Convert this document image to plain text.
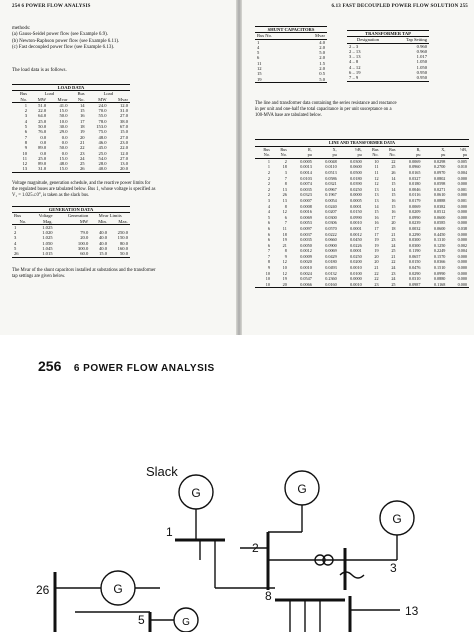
254 6 POWER FLOW ANALYSIS
methods:
(a) Gauss-Seidel power flow (see Example 6.9).
(b) Newton-Raphson power flow (see Example 6.11).
(c) Fast decoupled power flow (see Example 6.13).
The load data is as follows.
LOAD DATA					
Bus	Load		Bus	Load	
No.	MW	Mvar	No.	MW	Mvar
1	51.0	41.0	14	24.0	12.0
2	22.0	15.0	15	70.0	31.0
3	64.0	50.0	16	55.0	27.0
4	25.0	10.0	17	78.0	38.0
5	50.0	30.0	18	153.0	67.0
6	76.0	29.0	19	75.0	15.0
7	0.0	0.0	20	48.0	27.0
8	0.0	0.0	21	46.0	23.0
9	89.0	50.0	22	45.0	22.0
10	0.0	0.0	23	25.0	12.0
11	25.0	15.0	24	54.0	27.0
12	89.0	48.0	25	28.0	13.0
13	31.0	15.0	26	40.0	20.0
Voltage magnitude, generation schedule, and the reactive power limits for
the regulated buses are tabulated below. Bus 1, whose voltage is specified as
V₁ = 1.025∠0°, is taken as the slack bus.
GENERATION DATA				
Bus	Voltage	Generation	Mvar Limits	
No.	Mag.	MW	Min.	Max.
1	1.025			
2	1.020	79.0	40.0	250.0
3	1.025	20.0	40.0	150.0
4	1.050	100.0	40.0	80.0
5	1.045	300.0	40.0	160.0
26	1.015	60.0	15.0	50.0
The Mvar of the shunt capacitors installed at substations and the transformer
tap settings are given below.
6.13 FAST DECOUPLED POWER FLOW SOLUTION 255
SHUNT CAPACITORS	
Bus No.	Mvar
1	4.0
4	2.0
5	5.0
6	2.0
11	1.5
12	2.0
15	0.5
19	5.0
TRANSFORMER TAP	
Designation	Tap Setting
2 – 3	0.960
2 – 13	0.960
3 – 13	1.017
4 – 8	1.050
4 – 12	1.050
6 – 19	0.950
7 – 9	0.950
The line and transformer data containing the series resistance and reactance
in per unit and one-half the total capacitance in per unit susceptance on a
100-MVA base are tabulated below.
LINE AND TRANSFORMER DATA									
Bus	Bus	R,	X,	½B,	Bus	Bus	R,	X,	½B,
No.	No.	pu	pu	pu	No.	No.	pu	pu	pu
1	2	0.0005	0.0048	0.0300	10	22	0.0069	0.0298	0.005
1	18	0.0013	0.0110	0.0600	11	25	0.0960	0.2700	0.010
2	3	0.0014	0.0513	0.0500	11	26	0.0165	0.0970	0.004
2	7	0.0103	0.0586	0.0180	12	14	0.0327	0.0802	0.000
2	8	0.0074	0.0321	0.0390	12	15	0.0180	0.0598	0.000
2	13	0.0035	0.0967	0.0250	13	14	0.0046	0.0271	0.001
2	26	0.0323	0.1967	0.0000	13	15	0.0116	0.0610	0.000
3	13	0.0007	0.0054	0.0005	13	16	0.0179	0.0888	0.001
4	8	0.0008	0.0240	0.0001	14	15	0.0069	0.0382	0.000
4	12	0.0016	0.0207	0.0150	15	16	0.0209	0.0512	0.000
5	6	0.0069	0.0300	0.0990	16	17	0.0990	0.0600	0.000
6	7	0.0053	0.0306	0.0010	16	20	0.0239	0.0585	0.000
6	11	0.0097	0.0570	0.0001	17	18	0.0032	0.0600	0.038
6	18	0.0037	0.0222	0.0012	17	21	0.2290	0.4450	0.000
6	19	0.0035	0.0660	0.0450	19	23	0.0300	0.1310	0.000
6	21	0.0050	0.0900	0.0226	19	24	0.0300	0.1250	0.002
7	8	0.0012	0.0069	0.0001	19	25	0.1190	0.2249	0.004
7	9	0.0009	0.0429	0.0250	20	21	0.0657	0.1570	0.000
8	12	0.0020	0.0180	0.0200	20	22	0.0150	0.0366	0.000
9	10	0.0010	0.0493	0.0010	21	24	0.0476	0.1510	0.000
10	12	0.0024	0.0132	0.0100	22	23	0.0290	0.0990	0.000
10	19	0.0547	0.2360	0.0000	22	24	0.0310	0.0880	0.000
10	20	0.0066	0.0160	0.0010	23	25	0.0987	0.1168	0.000
256 6 POWER FLOW ANALYSIS
G	G
G
G
G
Slack
1
2
3
8
13
26
5
